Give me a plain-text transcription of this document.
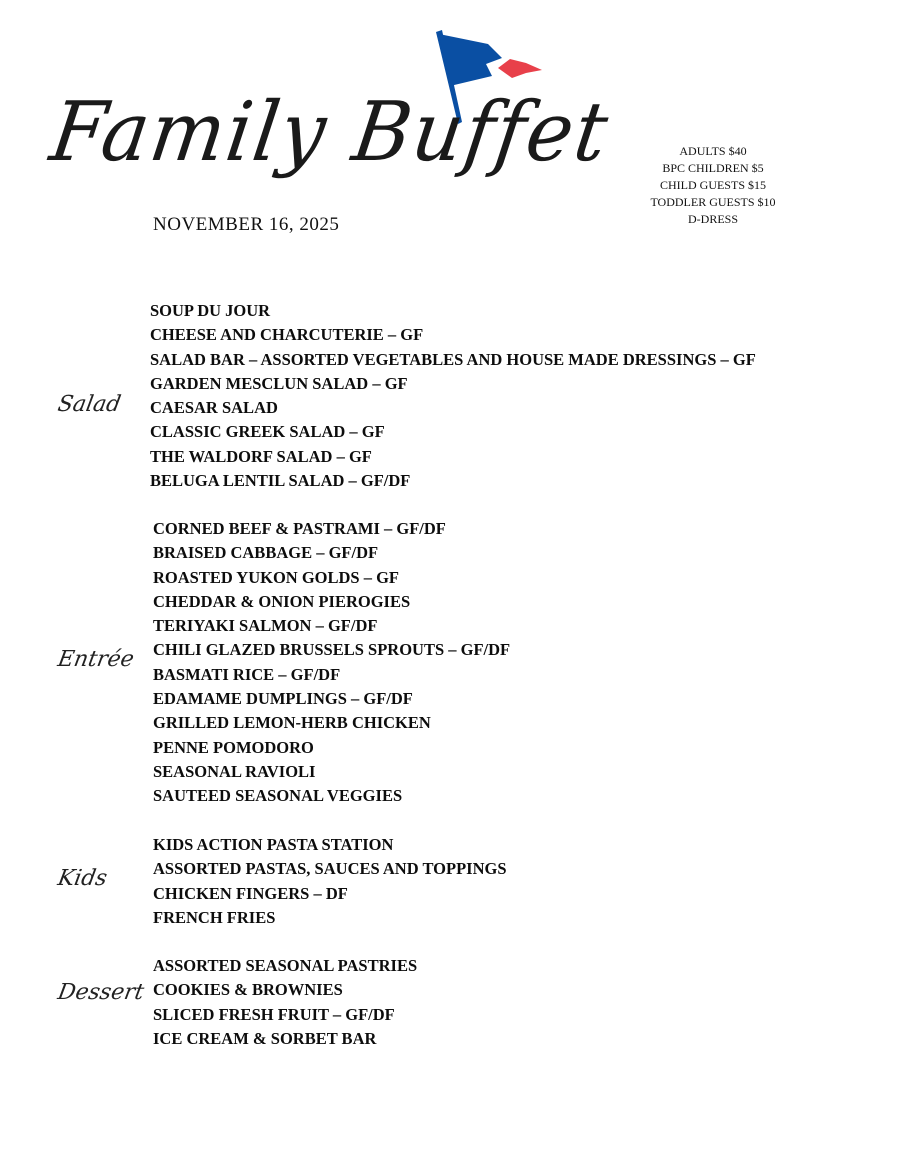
Family Buffet
NOVEMBER 16, 2025
ADULTS $40
BPC CHILDREN $5
CHILD GUESTS $15
TODDLER GUESTS $10
D-DRESS
Salad
SOUP DU JOUR
CHEESE AND CHARCUTERIE – GF
SALAD BAR – ASSORTED VEGETABLES AND HOUSE MADE DRESSINGS – GF
GARDEN MESCLUN SALAD – GF
CAESAR SALAD
CLASSIC GREEK SALAD – GF
THE WALDORF SALAD – GF
BELUGA LENTIL SALAD – GF/DF
Entrée
CORNED BEEF & PASTRAMI – GF/DF
BRAISED CABBAGE – GF/DF
ROASTED YUKON GOLDS – GF
CHEDDAR & ONION PIEROGIES
TERIYAKI SALMON – GF/DF
CHILI GLAZED BRUSSELS SPROUTS – GF/DF
BASMATI RICE – GF/DF
EDAMAME DUMPLINGS – GF/DF
GRILLED LEMON-HERB CHICKEN
PENNE POMODORO
SEASONAL RAVIOLI
SAUTEED SEASONAL VEGGIES
Kids
KIDS ACTION PASTA STATION
ASSORTED PASTAS, SAUCES AND TOPPINGS
CHICKEN FINGERS – DF
FRENCH FRIES
Dessert
ASSORTED SEASONAL PASTRIES
COOKIES & BROWNIES
SLICED FRESH FRUIT – GF/DF
ICE CREAM & SORBET BAR
